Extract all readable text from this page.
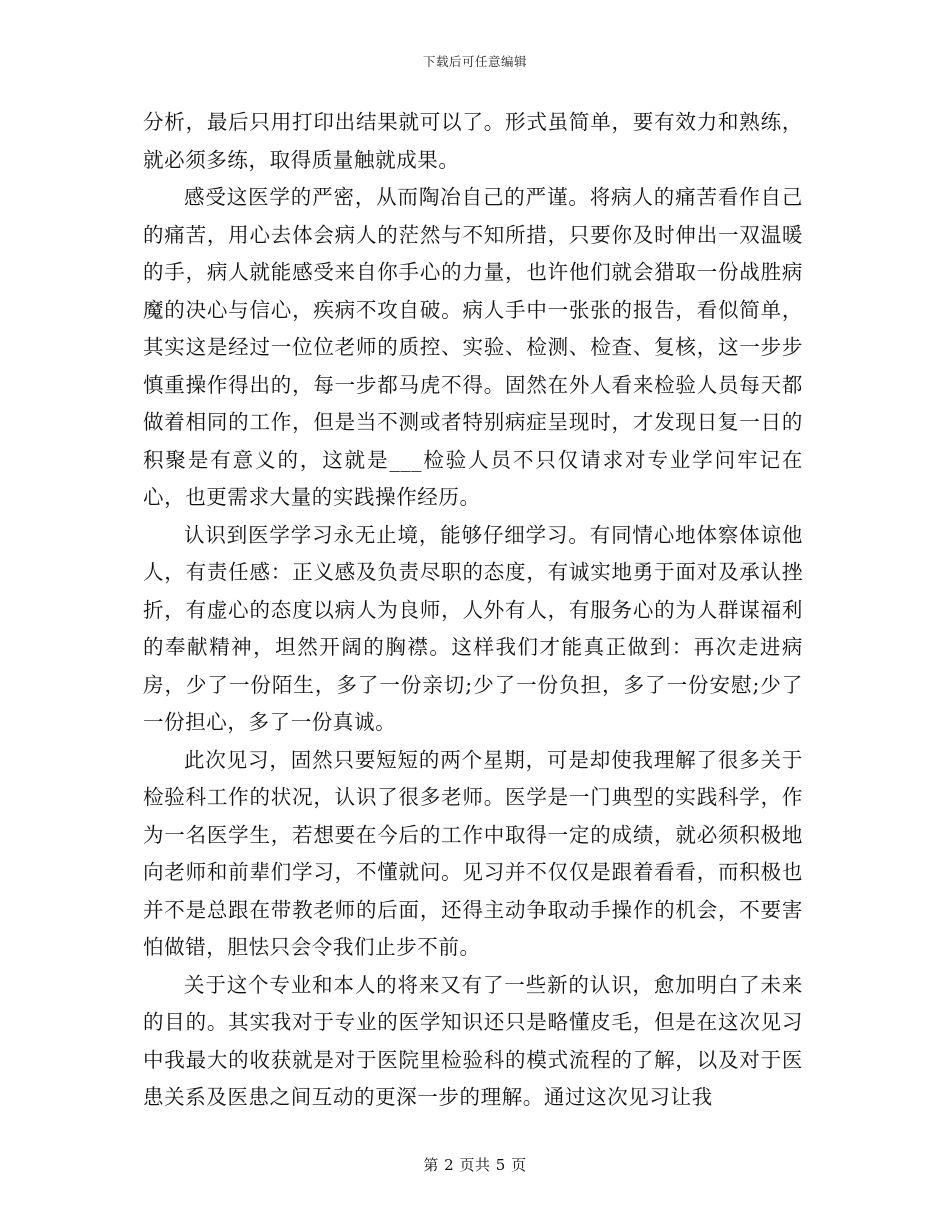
下载后可任意编辑

分析，最后只用打印出结果就可以了。形式虽简单，要有效力和熟练，就必须多练，取得质量触就成果。

感受这医学的严密，从而陶冶自己的严谨。将病人的痛苦看作自己的痛苦，用心去体会病人的茫然与不知所措，只要你及时伸出一双温暖的手，病人就能感受来自你手心的力量，也许他们就会猎取一份战胜病魔的决心与信心，疾病不攻自破。病人手中一张张的报告，看似简单，其实这是经过一位位老师的质控、实验、检测、检查、复核，这一步步慎重操作得出的，每一步都马虎不得。固然在外人看来检验人员每天都做着相同的工作，但是当不测或者特别病症呈现时，才发现日复一日的积聚是有意义的，这就是___检验人员不只仅请求对专业学问牢记在心，也更需求大量的实践操作经历。

认识到医学学习永无止境，能够仔细学习。有同情心地体察体谅他人，有责任感：正义感及负责尽职的态度，有诚实地勇于面对及承认挫折，有虚心的态度以病人为良师，人外有人，有服务心的为人群谋福利的奉献精神，坦然开阔的胸襟。这样我们才能真正做到：再次走进病房，少了一份陌生，多了一份亲切;少了一份负担，多了一份安慰;少了一份担心，多了一份真诚。

此次见习，固然只要短短的两个星期，可是却使我理解了很多关于检验科工作的状况，认识了很多老师。医学是一门典型的实践科学，作为一名医学生，若想要在今后的工作中取得一定的成绩，就必须积极地向老师和前辈们学习，不懂就问。见习并不仅仅是跟着看看，而积极也并不是总跟在带教老师的后面，还得主动争取动手操作的机会，不要害怕做错，胆怯只会令我们止步不前。

关于这个专业和本人的将来又有了一些新的认识，愈加明白了未来的目的。其实我对于专业的医学知识还只是略懂皮毛，但是在这次见习中我最大的收获就是对于医院里检验科的模式流程的了解，以及对于医患关系及医患之间互动的更深一步的理解。通过这次见习让我

第 2 页共 5 页
